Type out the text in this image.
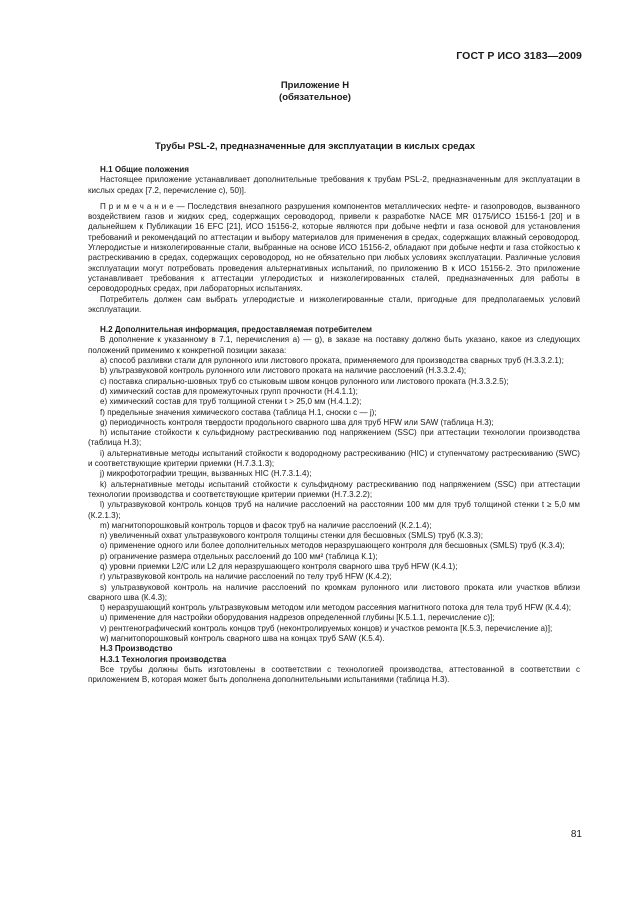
ГОСТ Р ИСО 3183—2009
Приложение Н
(обязательное)
Трубы PSL-2, предназначенные для эксплуатации в кислых средах

Н.1 Общие положения

Настоящее приложение устанавливает дополнительные требования к трубам PSL-2, предназначенным для эксплуатации в кислых средах [7.2, перечисление с), 50)].

П р и м е ч а н и е — Последствия внезапного разрушения компонентов металлических нефте- и газопроводов, вызванного воздействием газов и жидких сред, содержащих сероводород, привели к разработке NACE MR 0175/ИСО 15156-1 [20] и в дальнейшем к Публикации 16 EFC [21], ИСО 15156-2, которые являются при добыче нефти и газа основой для установления требований и рекомендаций по аттестации и выбору материалов для применения в средах, содержащих влажный сероводород. Углеродистые и низколегированные стали, выбранные на основе ИСО 15156-2, обладают при добыче нефти и газа стойкостью к растрескиванию в средах, содержащих сероводород, но не обязательно при любых условиях эксплуатации. Различные условия эксплуатации могут потребовать проведения альтернативных испытаний, по приложению В к ИСО 15156-2. Это приложение устанавливает требования к аттестации углеродистых и низколегированных сталей, предназначенных для работы в сероводородных средах, при лабораторных испытаниях.

Потребитель должен сам выбрать углеродистые и низколегированные стали, пригодные для предполагаемых условий эксплуатации.

Н.2 Дополнительная информация, предоставляемая потребителем

В дополнение к указанному в 7.1, перечисления а) — g), в заказе на поставку должно быть указано, какое из следующих положений применимо к конкретной позиции заказа:

a) способ разливки стали для рулонного или листового проката, применяемого для производства сварных труб (Н.3.3.2.1);

b) ультразвуковой контроль рулонного или листового проката на наличие расслоений (Н.3.3.2.4);

c) поставка спирально-шовных труб со стыковым швом концов рулонного или листового проката (Н.3.3.2.5);

d) химический состав для промежуточных групп прочности (Н.4.1.1);

e) химический состав для труб толщиной стенки t > 25,0 мм (Н.4.1.2);

f) предельные значения химического состава (таблица Н.1, сноски с — j);

g) периодичность контроля твердости продольного сварного шва для труб HFW или SAW (таблица Н.3);

h) испытание стойкости к сульфидному растрескиванию под напряжением (SSC) при аттестации технологии производства (таблица Н.3);

i) альтернативные методы испытаний стойкости к водородному растрескиванию (HIC) и ступенчатому растрескиванию (SWC) и соответствующие критерии приемки (Н.7.3.1.3);

j) микрофотографии трещин, вызванных HIC (Н.7.3.1.4);

k) альтернативные методы испытаний стойкости к сульфидному растрескиванию под напряжением (SSC) при аттестации технологии производства и соответствующие критерии приемки (Н.7.3.2.2);

l) ультразвуковой контроль концов труб на наличие расслоений на расстоянии 100 мм для труб толщиной стенки t ≥ 5,0 мм (К.2.1.3);

m) магнитопорошковый контроль торцов и фасок труб на наличие расслоений (К.2.1.4);

n) увеличенный охват ультразвукового контроля толщины стенки для бесшовных (SMLS) труб (К.3.3);

o) применение одного или более дополнительных методов неразрушающего контроля для бесшовных (SMLS) труб (К.3.4);

p) ограничение размера отдельных расслоений до 100 мм² (таблица К.1);

q) уровни приемки L2/C или L2 для неразрушающего контроля сварного шва труб HFW (К.4.1);

r) ультразвуковой контроль на наличие расслоений по телу труб HFW (К.4.2);

s) ультразвуковой контроль на наличие расслоений по кромкам рулонного или листового проката или участков вблизи сварного шва (К.4.3);

t) неразрушающий контроль ультразвуковым методом или методом рассеяния магнитного потока для тела труб HFW (К.4.4);

u) применение для настройки оборудования надрезов определенной глубины [К.5.1.1, перечисление с)];

v) рентгенографический контроль концов труб (неконтролируемых концов) и участков ремонта [К.5.3, перечисление а)];

w) магнитопорошковый контроль сварного шва на концах труб SAW (К.5.4).

Н.3 Производство

Н.3.1 Технология производства

Все трубы должны быть изготовлены в соответствии с технологией производства, аттестованной в соответствии с приложением В, которая может быть дополнена дополнительными испытаниями (таблица Н.3).

81
